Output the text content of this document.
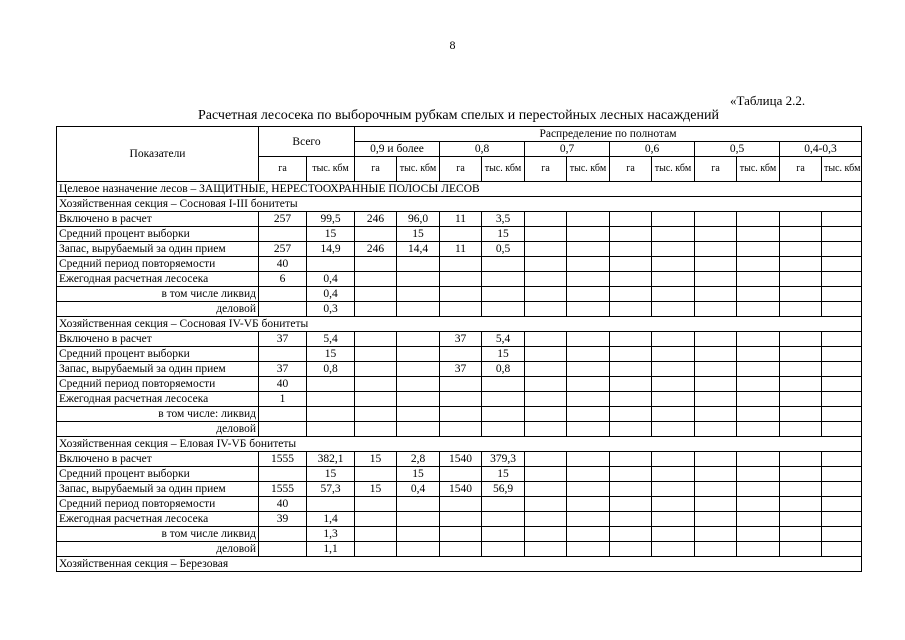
8
«Таблица 2.2.
Расчетная лесосека по выборочным рубкам спелых и перестойных лесных насаждений
Показатели	Всего		Распределение по полнотам											
			0,9 и более		0,8		0,7		0,6		0,5		0,4-0,3	
	га	тыс. кбм	га	тыс. кбм	га	тыс. кбм	га	тыс. кбм	га	тыс. кбм	га	тыс. кбм	га	тыс. кбм
Целевое назначение лесов – ЗАЩИТНЫЕ, НЕРЕСТООХРАННЫЕ ПОЛОСЫ ЛЕСОВ														
Хозяйственная секция – Сосновая I-III бонитеты														
Включено в расчет	257	99,5	246	96,0	11	3,5								
Средний процент выборки		15		15		15								
Запас, вырубаемый за один прием	257	14,9	246	14,4	11	0,5								
Средний период повторяемости	40													
Ежегодная расчетная лесосека	6	0,4												
в том числе ликвид		0,4												
деловой		0,3												
Хозяйственная секция – Сосновая IV-VБ бонитеты														
Включено в расчет	37	5,4			37	5,4								
Средний процент выборки		15				15								
Запас, вырубаемый за один прием	37	0,8			37	0,8								
Средний период повторяемости	40													
Ежегодная расчетная лесосека	1													
в том числе: ликвид														
деловой														
Хозяйственная секция – Еловая IV-VБ бонитеты														
Включено в расчет	1555	382,1	15	2,8	1540	379,3								
Средний процент выборки		15		15		15								
Запас, вырубаемый за один прием	1555	57,3	15	0,4	1540	56,9								
Средний период повторяемости	40													
Ежегодная расчетная лесосека	39	1,4												
в том числе ликвид		1,3												
деловой		1,1												
Хозяйственная секция – Березовая														
